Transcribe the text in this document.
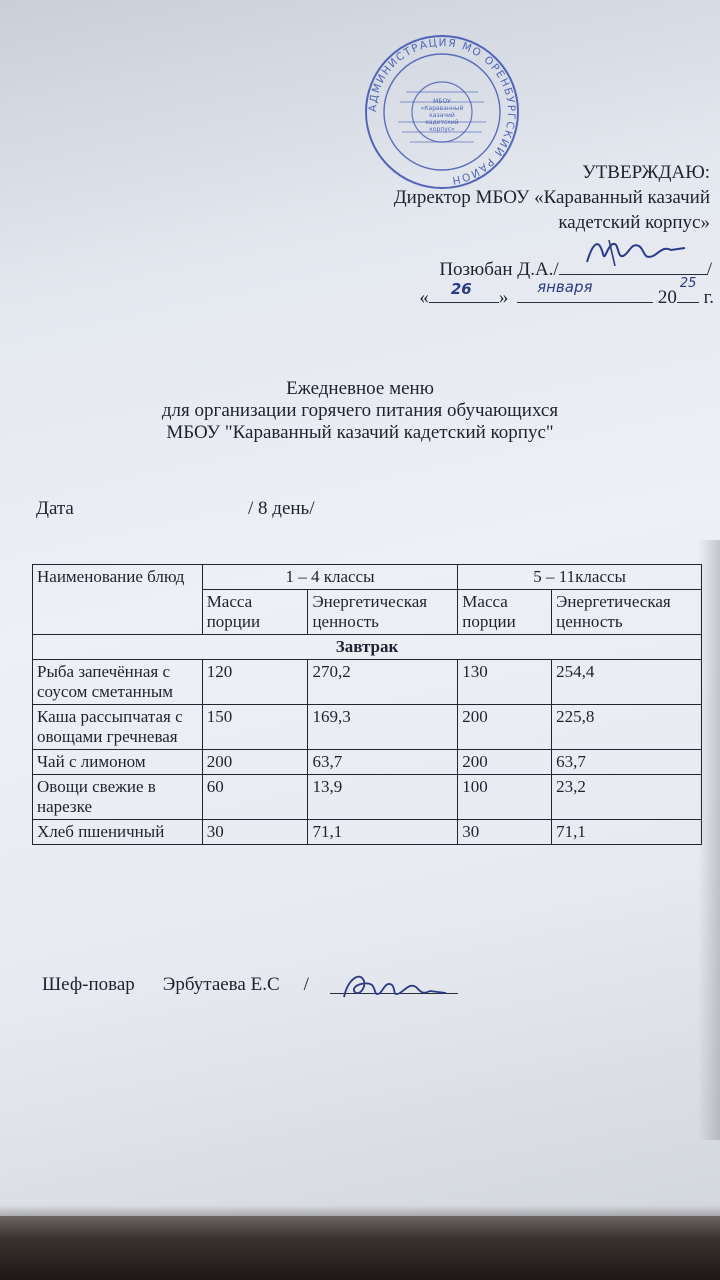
АДМИНИСТРАЦИЯ МО ОРЕНБУРГСКИЙ РАЙОН
МБОУ «Караванный казачий кадетский корпус»
УТВЕРЖДАЮ:
Директор МБОУ «Караванный казачий
кадетский корпус»
Позюбан Д.А./	/
« 26 » января	20
25
г.
Ежедневное меню
для организации горячего питания обучающихся
МБОУ "Караванный казачий кадетский корпус"
Дата	/ 8 день/
Наименование блюд	1 – 4 классы		5 – 11классы	
	Масса порции	Энергетическая ценность	Масса порции	Энергетическая ценность
Завтрак				
Рыба запечённая с соусом сметанным	120	270,2	130	254,4
Каша рассыпчатая с овощами гречневая	150	169,3	200	225,8
Чай с лимоном	200	63,7	200	63,7
Овощи свежие в нарезке	60	13,9	100	23,2
Хлеб пшеничный	30	71,1	30	71,1
Шеф-повар Эрбутаева Е.С /
